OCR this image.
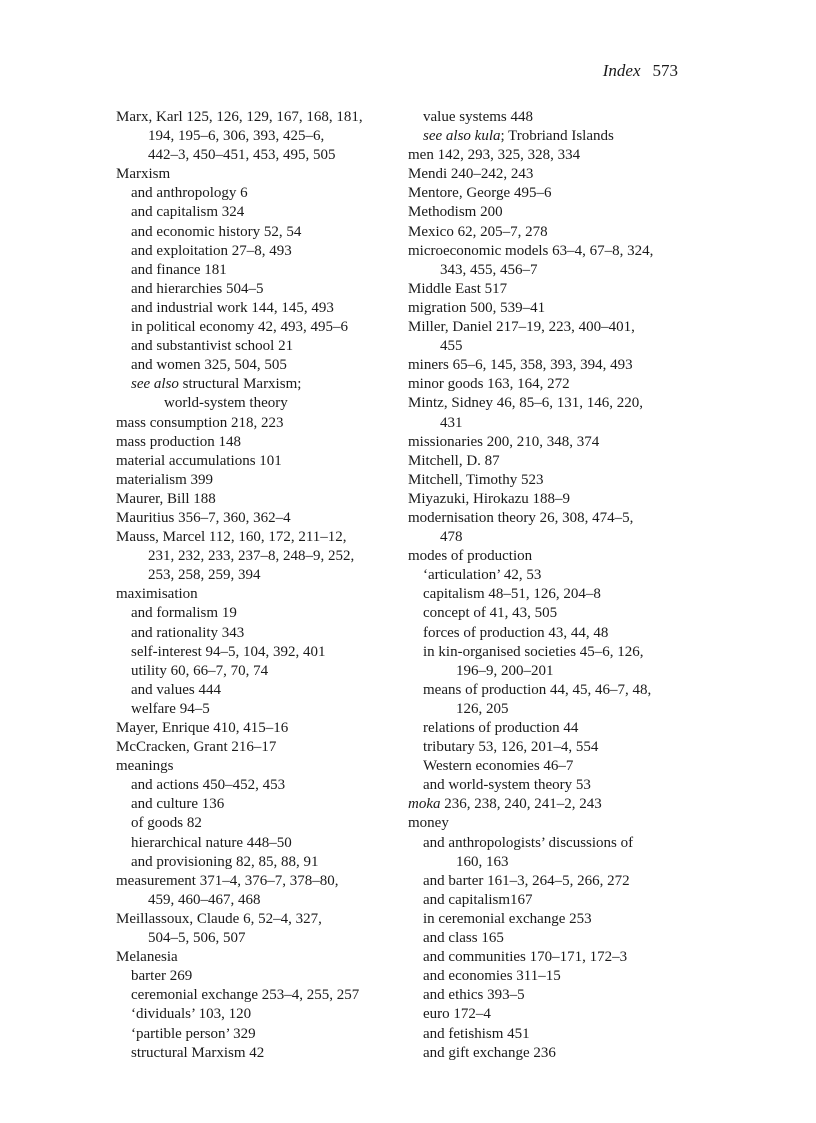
Index 573
Marx, Karl 125, 126, 129, 167, 168, 181,
194, 195–6, 306, 393, 425–6,
442–3, 450–451, 453, 495, 505
Marxism
and anthropology 6
and capitalism 324
and economic history 52, 54
and exploitation 27–8, 493
and finance 181
and hierarchies 504–5
and industrial work 144, 145, 493
in political economy 42, 493, 495–6
and substantivist school 21
and women 325, 504, 505
see also structural Marxism;
world-system theory
mass consumption 218, 223
mass production 148
material accumulations 101
materialism 399
Maurer, Bill 188
Mauritius 356–7, 360, 362–4
Mauss, Marcel 112, 160, 172, 211–12,
231, 232, 233, 237–8, 248–9, 252,
253, 258, 259, 394
maximisation
and formalism 19
and rationality 343
self-interest 94–5, 104, 392, 401
utility 60, 66–7, 70, 74
and values 444
welfare 94–5
Mayer, Enrique 410, 415–16
McCracken, Grant 216–17
meanings
and actions 450–452, 453
and culture 136
of goods 82
hierarchical nature 448–50
and provisioning 82, 85, 88, 91
measurement 371–4, 376–7, 378–80,
459, 460–467, 468
Meillassoux, Claude 6, 52–4, 327,
504–5, 506, 507
Melanesia
barter 269
ceremonial exchange 253–4, 255, 257
‘dividuals’ 103, 120
‘partible person’ 329
structural Marxism 42
value systems 448
see also kula; Trobriand Islands
men 142, 293, 325, 328, 334
Mendi 240–242, 243
Mentore, George 495–6
Methodism 200
Mexico 62, 205–7, 278
microeconomic models 63–4, 67–8, 324,
343, 455, 456–7
Middle East 517
migration 500, 539–41
Miller, Daniel 217–19, 223, 400–401,
455
miners 65–6, 145, 358, 393, 394, 493
minor goods 163, 164, 272
Mintz, Sidney 46, 85–6, 131, 146, 220,
431
missionaries 200, 210, 348, 374
Mitchell, D. 87
Mitchell, Timothy 523
Miyazuki, Hirokazu 188–9
modernisation theory 26, 308, 474–5,
478
modes of production
‘articulation’ 42, 53
capitalism 48–51, 126, 204–8
concept of 41, 43, 505
forces of production 43, 44, 48
in kin-organised societies 45–6, 126,
196–9, 200–201
means of production 44, 45, 46–7, 48,
126, 205
relations of production 44
tributary 53, 126, 201–4, 554
Western economies 46–7
and world-system theory 53
moka 236, 238, 240, 241–2, 243
money
and anthropologists’ discussions of
160, 163
and barter 161–3, 264–5, 266, 272
and capitalism167
in ceremonial exchange 253
and class 165
and communities 170–171, 172–3
and economies 311–15
and ethics 393–5
euro 172–4
and fetishism 451
and gift exchange 236
